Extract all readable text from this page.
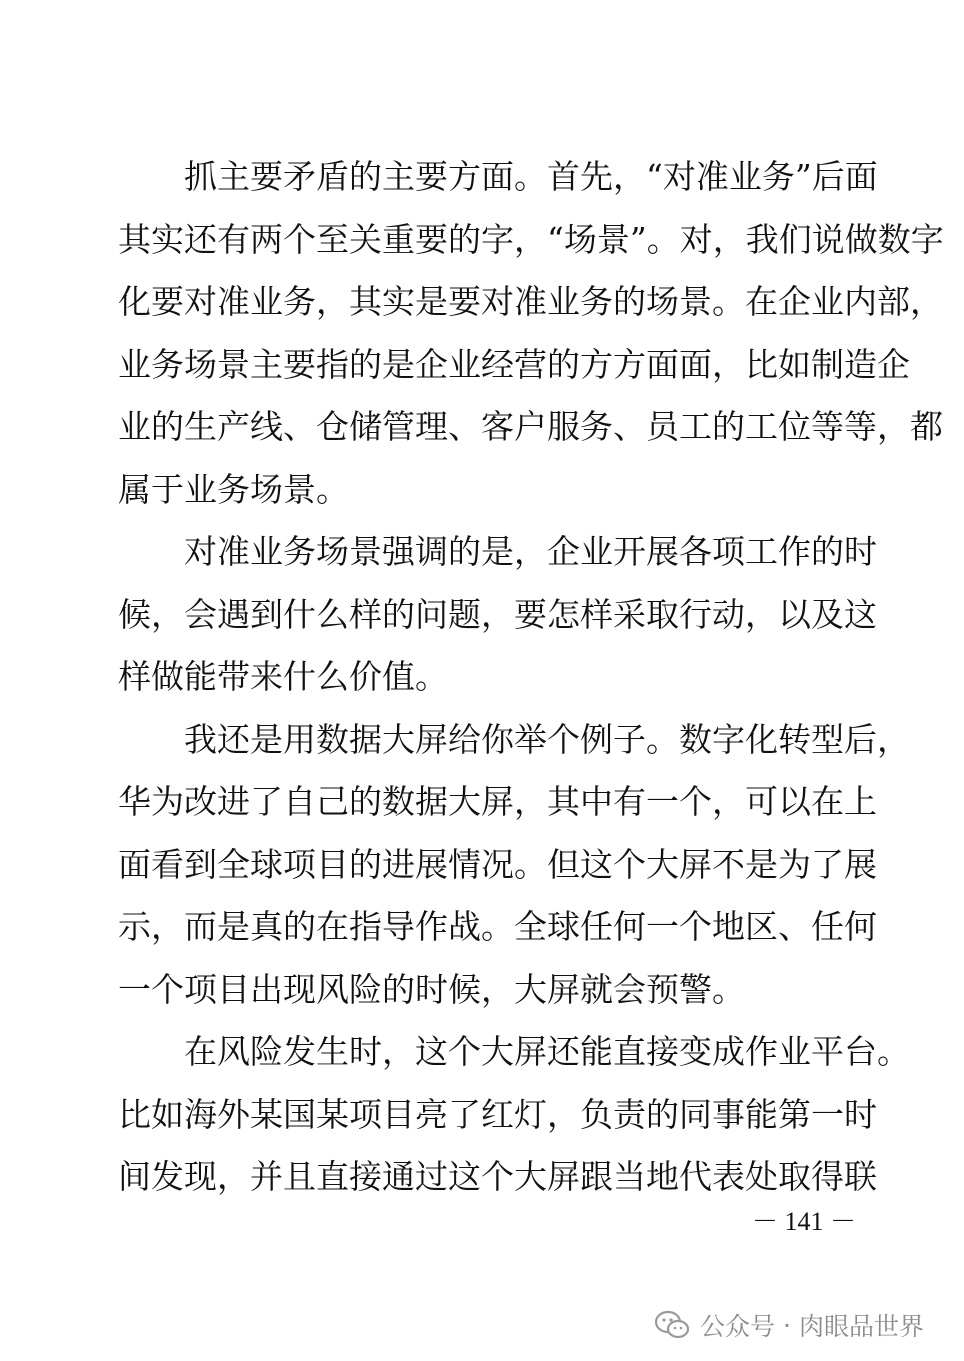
抓主要矛盾的主要方面。首先，“对准业务”后面
其实还有两个至关重要的字，“场景”。对，我们说做数字
化要对准业务，其实是要对准业务的场景。在企业内部，
业务场景主要指的是企业经营的方方面面，比如制造企
业的生产线、仓储管理、客户服务、员工的工位等等，都
属于业务场景。
对准业务场景强调的是，企业开展各项工作的时
候，会遇到什么样的问题，要怎样采取行动，以及这
样做能带来什么价值。
我还是用数据大屏给你举个例子。数字化转型后，
华为改进了自己的数据大屏，其中有一个，可以在上
面看到全球项目的进展情况。但这个大屏不是为了展
示，而是真的在指导作战。全球任何一个地区、任何
一个项目出现风险的时候，大屏就会预警。
在风险发生时，这个大屏还能直接变成作业平台。
比如海外某国某项目亮了红灯，负责的同事能第一时
间发现，并且直接通过这个大屏跟当地代表处取得联
－ 141 －
公众号 · 肉眼品世界
